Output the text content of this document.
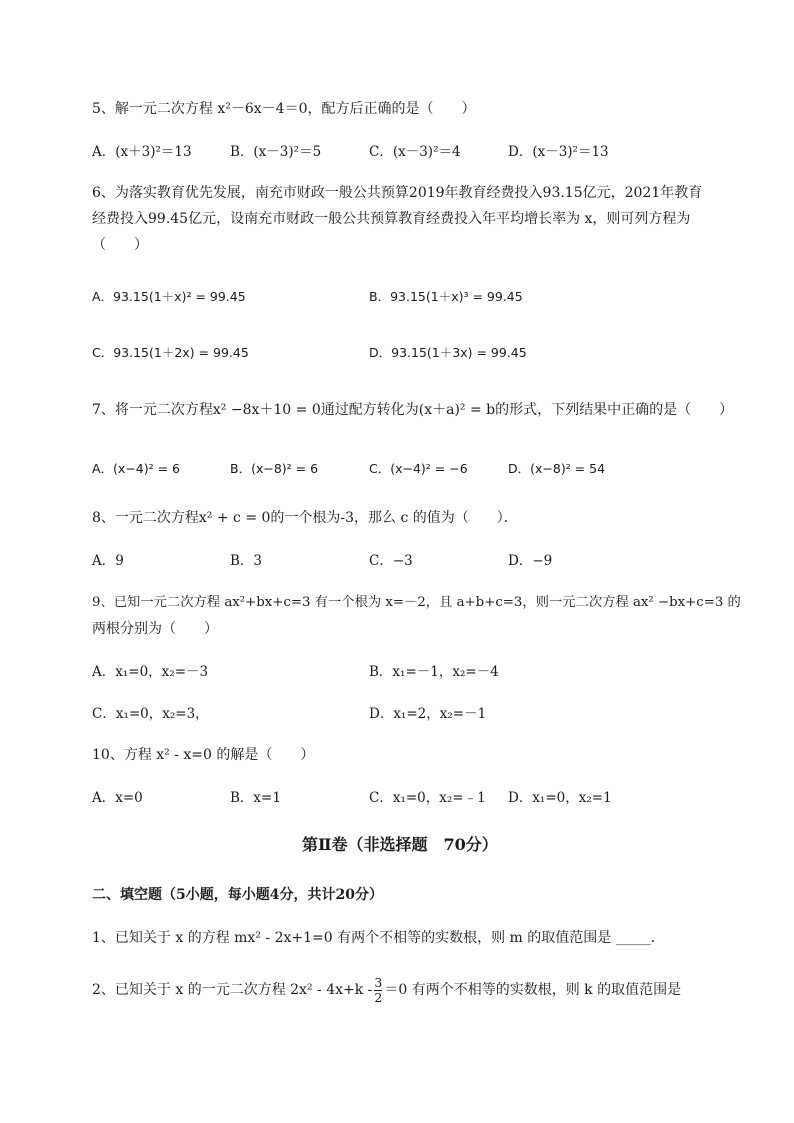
5、解一元二次方程 x²－6x－4＝0，配方后正确的是（　　）
A．(x＋3)²＝13	B．(x－3)²＝5	C．(x－3)²＝4	D．(x－3)²＝13
6、为落实教育优先发展，南充市财政一般公共预算2019年教育经费投入93.15亿元，2021年教育
经费投入99.45亿元，设南充市财政一般公共预算教育经费投入年平均增长率为 x，则可列方程为
（　　）
A．93.15(1＋x)² = 99.45	B．93.15(1＋x)³ = 99.45
C．93.15(1＋2x) = 99.45	D．93.15(1＋3x) = 99.45
7、将一元二次方程x² −8x＋10 = 0通过配方转化为(x＋a)² = b的形式，下列结果中正确的是（　　）
A．(x−4)² = 6	B．(x−8)² = 6	C．(x−4)² = −6	D．(x−8)² = 54
8、一元二次方程x² + c = 0的一个根为-3，那么 c 的值为（　　）．
A．9	B．3	C．−3	D．−9
9、已知一元二次方程 ax²+bx+c=3 有一个根为 x=－2，且 a+b+c=3，则一元二次方程 ax² −bx+c=3 的
两根分别为（　　）
A．x₁=0，x₂=－3	B．x₁=－1，x₂=－4
C．x₁=0，x₂=3，	D．x₁=2，x₂=－1
10、方程 x² - x=0 的解是（　　）
A．x=0	B．x=1	C．x₁=0，x₂=﹣1 D．x₁=0，x₂=1
第Ⅱ卷（非选择题　70分）
二、填空题（5小题，每小题4分，共计20分）
1、已知关于 x 的方程 mx² - 2x+1=0 有两个不相等的实数根，则 m 的取值范围是 _____．
2、已知关于 x 的一元二次方程 $2x^2 - 4x+k - \frac{3}{2} =0$ 有两个不相等的实数根，则 k 的取值范围是
